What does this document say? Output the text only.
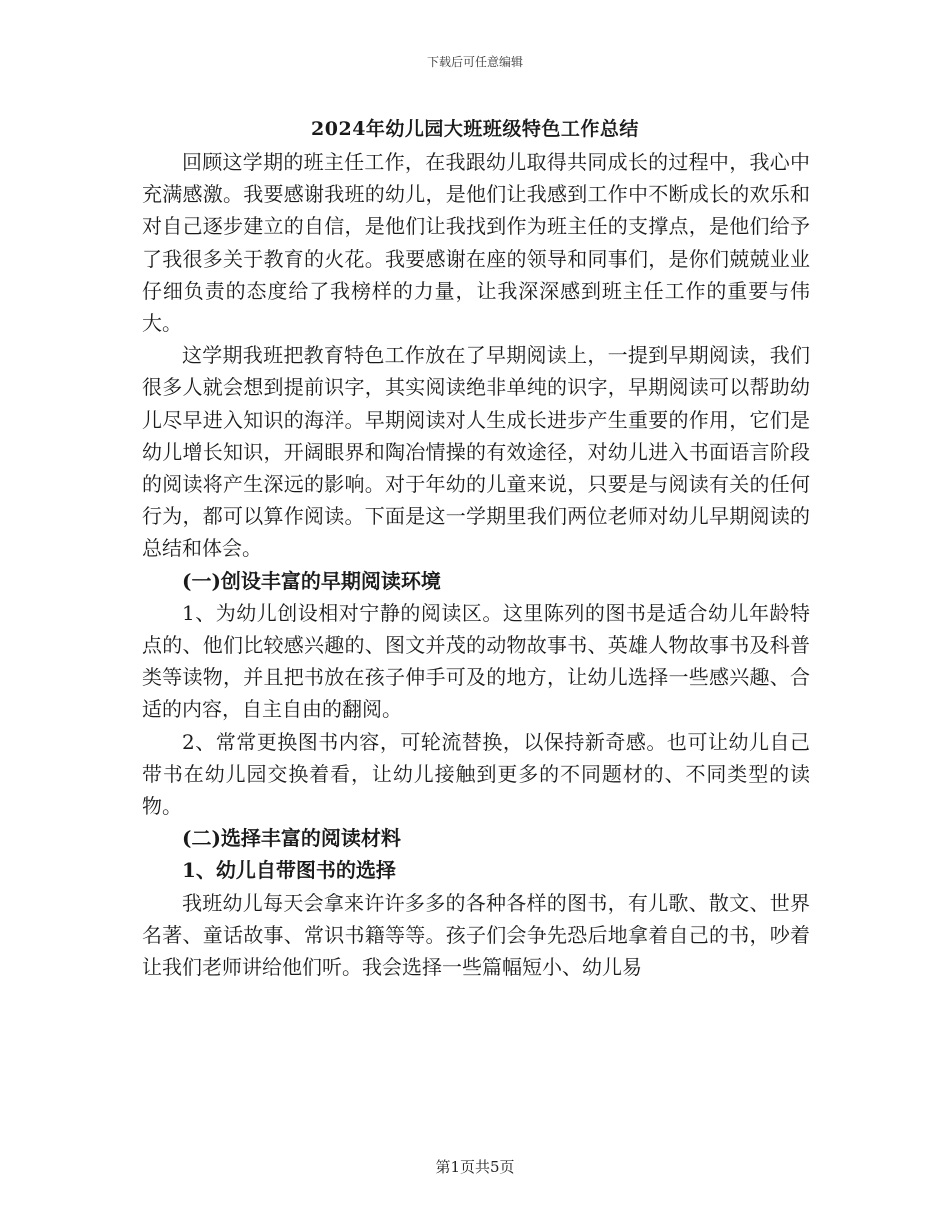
下载后可任意编辑
2024年幼儿园大班班级特色工作总结

回顾这学期的班主任工作，在我跟幼儿取得共同成长的过程中，我心中充满感激。我要感谢我班的幼儿，是他们让我感到工作中不断成长的欢乐和对自己逐步建立的自信，是他们让我找到作为班主任的支撑点，是他们给予了我很多关于教育的火花。我要感谢在座的领导和同事们，是你们兢兢业业仔细负责的态度给了我榜样的力量，让我深深感到班主任工作的重要与伟大。

这学期我班把教育特色工作放在了早期阅读上，一提到早期阅读，我们很多人就会想到提前识字，其实阅读绝非单纯的识字，早期阅读可以帮助幼儿尽早进入知识的海洋。早期阅读对人生成长进步产生重要的作用，它们是幼儿增长知识，开阔眼界和陶冶情操的有效途径，对幼儿进入书面语言阶段的阅读将产生深远的影响。对于年幼的儿童来说，只要是与阅读有关的任何行为，都可以算作阅读。下面是这一学期里我们两位老师对幼儿早期阅读的总结和体会。

(一)创设丰富的早期阅读环境

1、为幼儿创设相对宁静的阅读区。这里陈列的图书是适合幼儿年龄特点的、他们比较感兴趣的、图文并茂的动物故事书、英雄人物故事书及科普类等读物，并且把书放在孩子伸手可及的地方，让幼儿选择一些感兴趣、合适的内容，自主自由的翻阅。

2、常常更换图书内容，可轮流替换，以保持新奇感。也可让幼儿自己带书在幼儿园交换着看，让幼儿接触到更多的不同题材的、不同类型的读物。

(二)选择丰富的阅读材料

1、幼儿自带图书的选择

我班幼儿每天会拿来许许多多的各种各样的图书，有儿歌、散文、世界名著、童话故事、常识书籍等等。孩子们会争先恐后地拿着自己的书，吵着让我们老师讲给他们听。我会选择一些篇幅短小、幼儿易

第1页共5页
